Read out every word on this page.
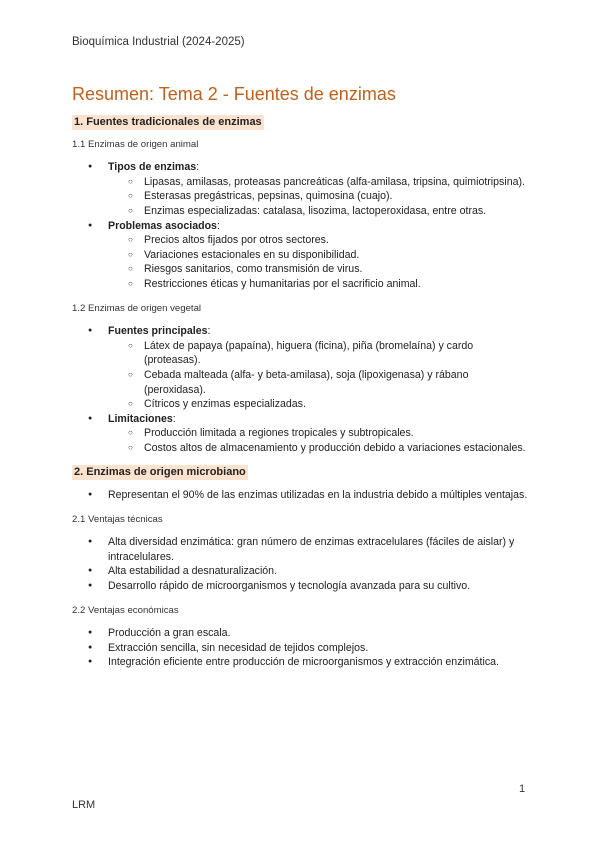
Bioquímica Industrial (2024-2025)
Resumen: Tema 2 - Fuentes de enzimas
1. Fuentes tradicionales de enzimas
1.1 Enzimas de origen animal
● Tipos de enzimas:
○ Lipasas, amilasas, proteasas pancreáticas (alfa-amilasa, tripsina, quimiotripsina).
○ Esterasas pregástricas, pepsinas, quimosina (cuajo).
○ Enzimas especializadas: catalasa, lisozima, lactoperoxidasa, entre otras.
● Problemas asociados:
○ Precios altos fijados por otros sectores.
○ Variaciones estacionales en su disponibilidad.
○ Riesgos sanitarios, como transmisión de virus.
○ Restricciones éticas y humanitarias por el sacrificio animal.
1.2 Enzimas de origen vegetal
● Fuentes principales:
○ Látex de papaya (papaína), higuera (ficina), piña (bromelaína) y cardo (proteasas).
○ Cebada malteada (alfa- y beta-amilasa), soja (lipoxigenasa) y rábano (peroxidasa).
○ Cítricos y enzimas especializadas.
● Limitaciones:
○ Producción limitada a regiones tropicales y subtropicales.
○ Costos altos de almacenamiento y producción debido a variaciones estacionales.
2. Enzimas de origen microbiano
● Representan el 90% de las enzimas utilizadas en la industria debido a múltiples ventajas.
2.1 Ventajas técnicas
● Alta diversidad enzimática: gran número de enzimas extracelulares (fáciles de aislar) y intracelulares.
● Alta estabilidad a desnaturalización.
● Desarrollo rápido de microorganismos y tecnología avanzada para su cultivo.
2.2 Ventajas económicas
● Producción a gran escala.
● Extracción sencilla, sin necesidad de tejidos complejos.
● Integración eficiente entre producción de microorganismos y extracción enzimática.
1
LRM
